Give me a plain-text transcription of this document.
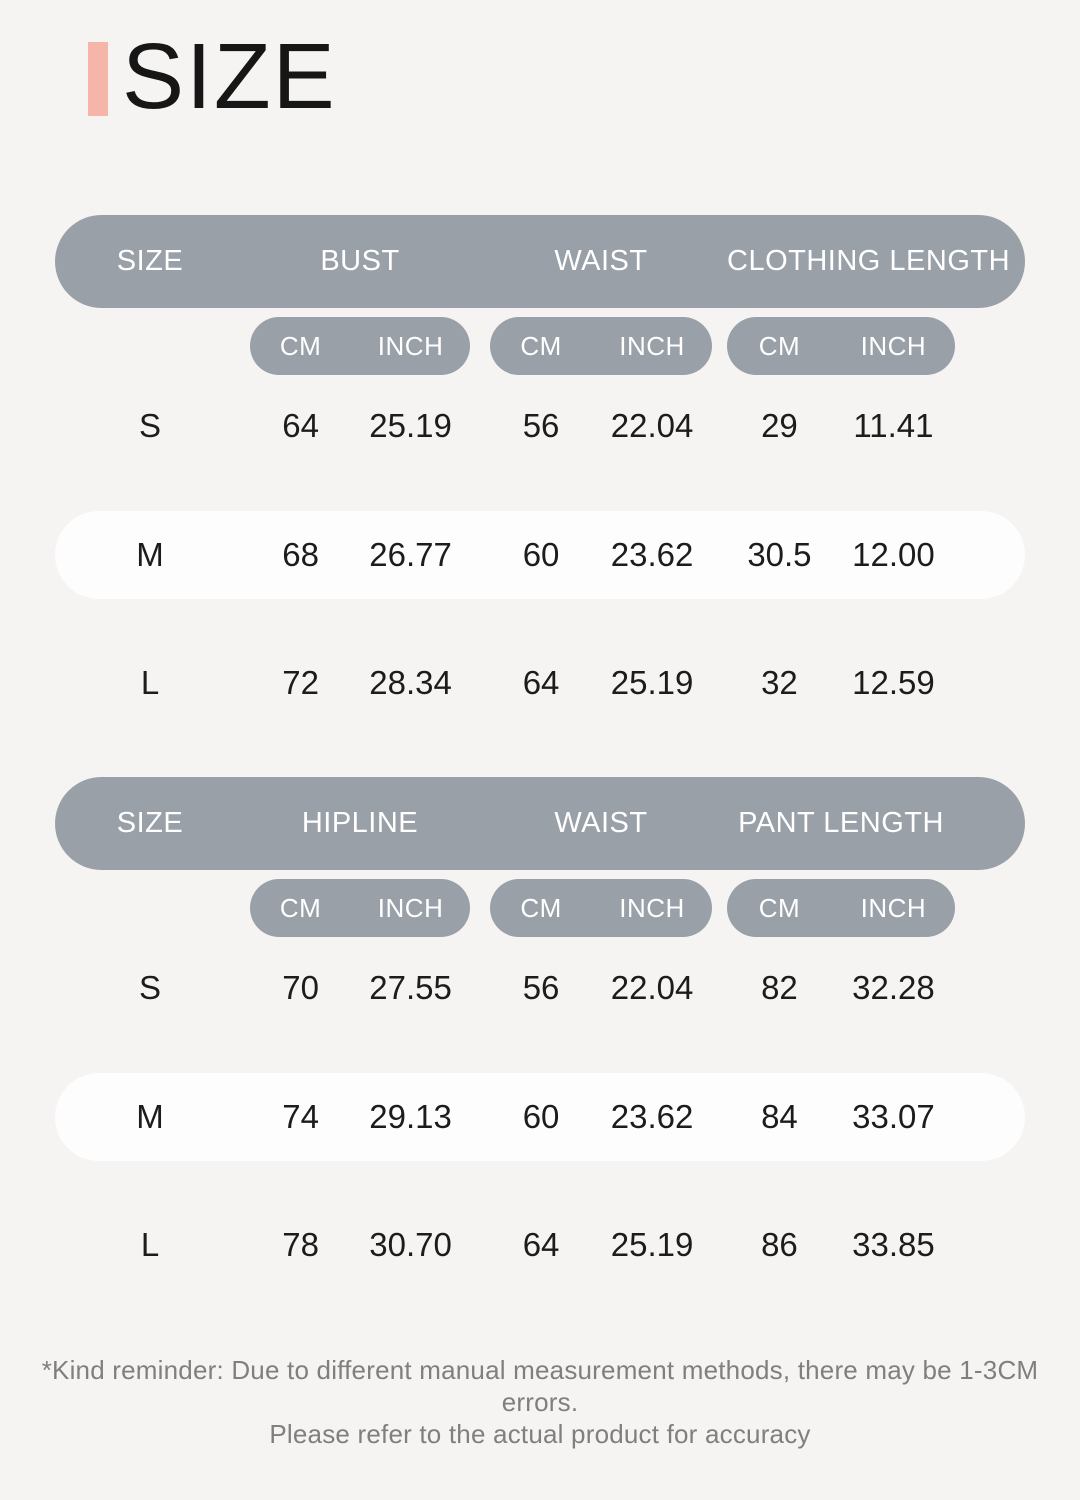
SIZE
SIZE	BUST	WAIST	CLOTHING LENGTH
CM	INCH	CM	INCH	CM	INCH
S	64	25.19	56	22.04	29	11.41
M	68	26.77	60	23.62	30.5	12.00
L	72	28.34	64	25.19	32	12.59
SIZE	HIPLINE	WAIST	PANT LENGTH
CM	INCH	CM	INCH	CM	INCH
S	70	27.55	56	22.04	82	32.28
M	74	29.13	60	23.62	84	33.07
L	78	30.70	64	25.19	86	33.85
*Kind reminder: Due to different manual measurement methods, there may be 1-3CM errors.
Please refer to the actual product for accuracy
